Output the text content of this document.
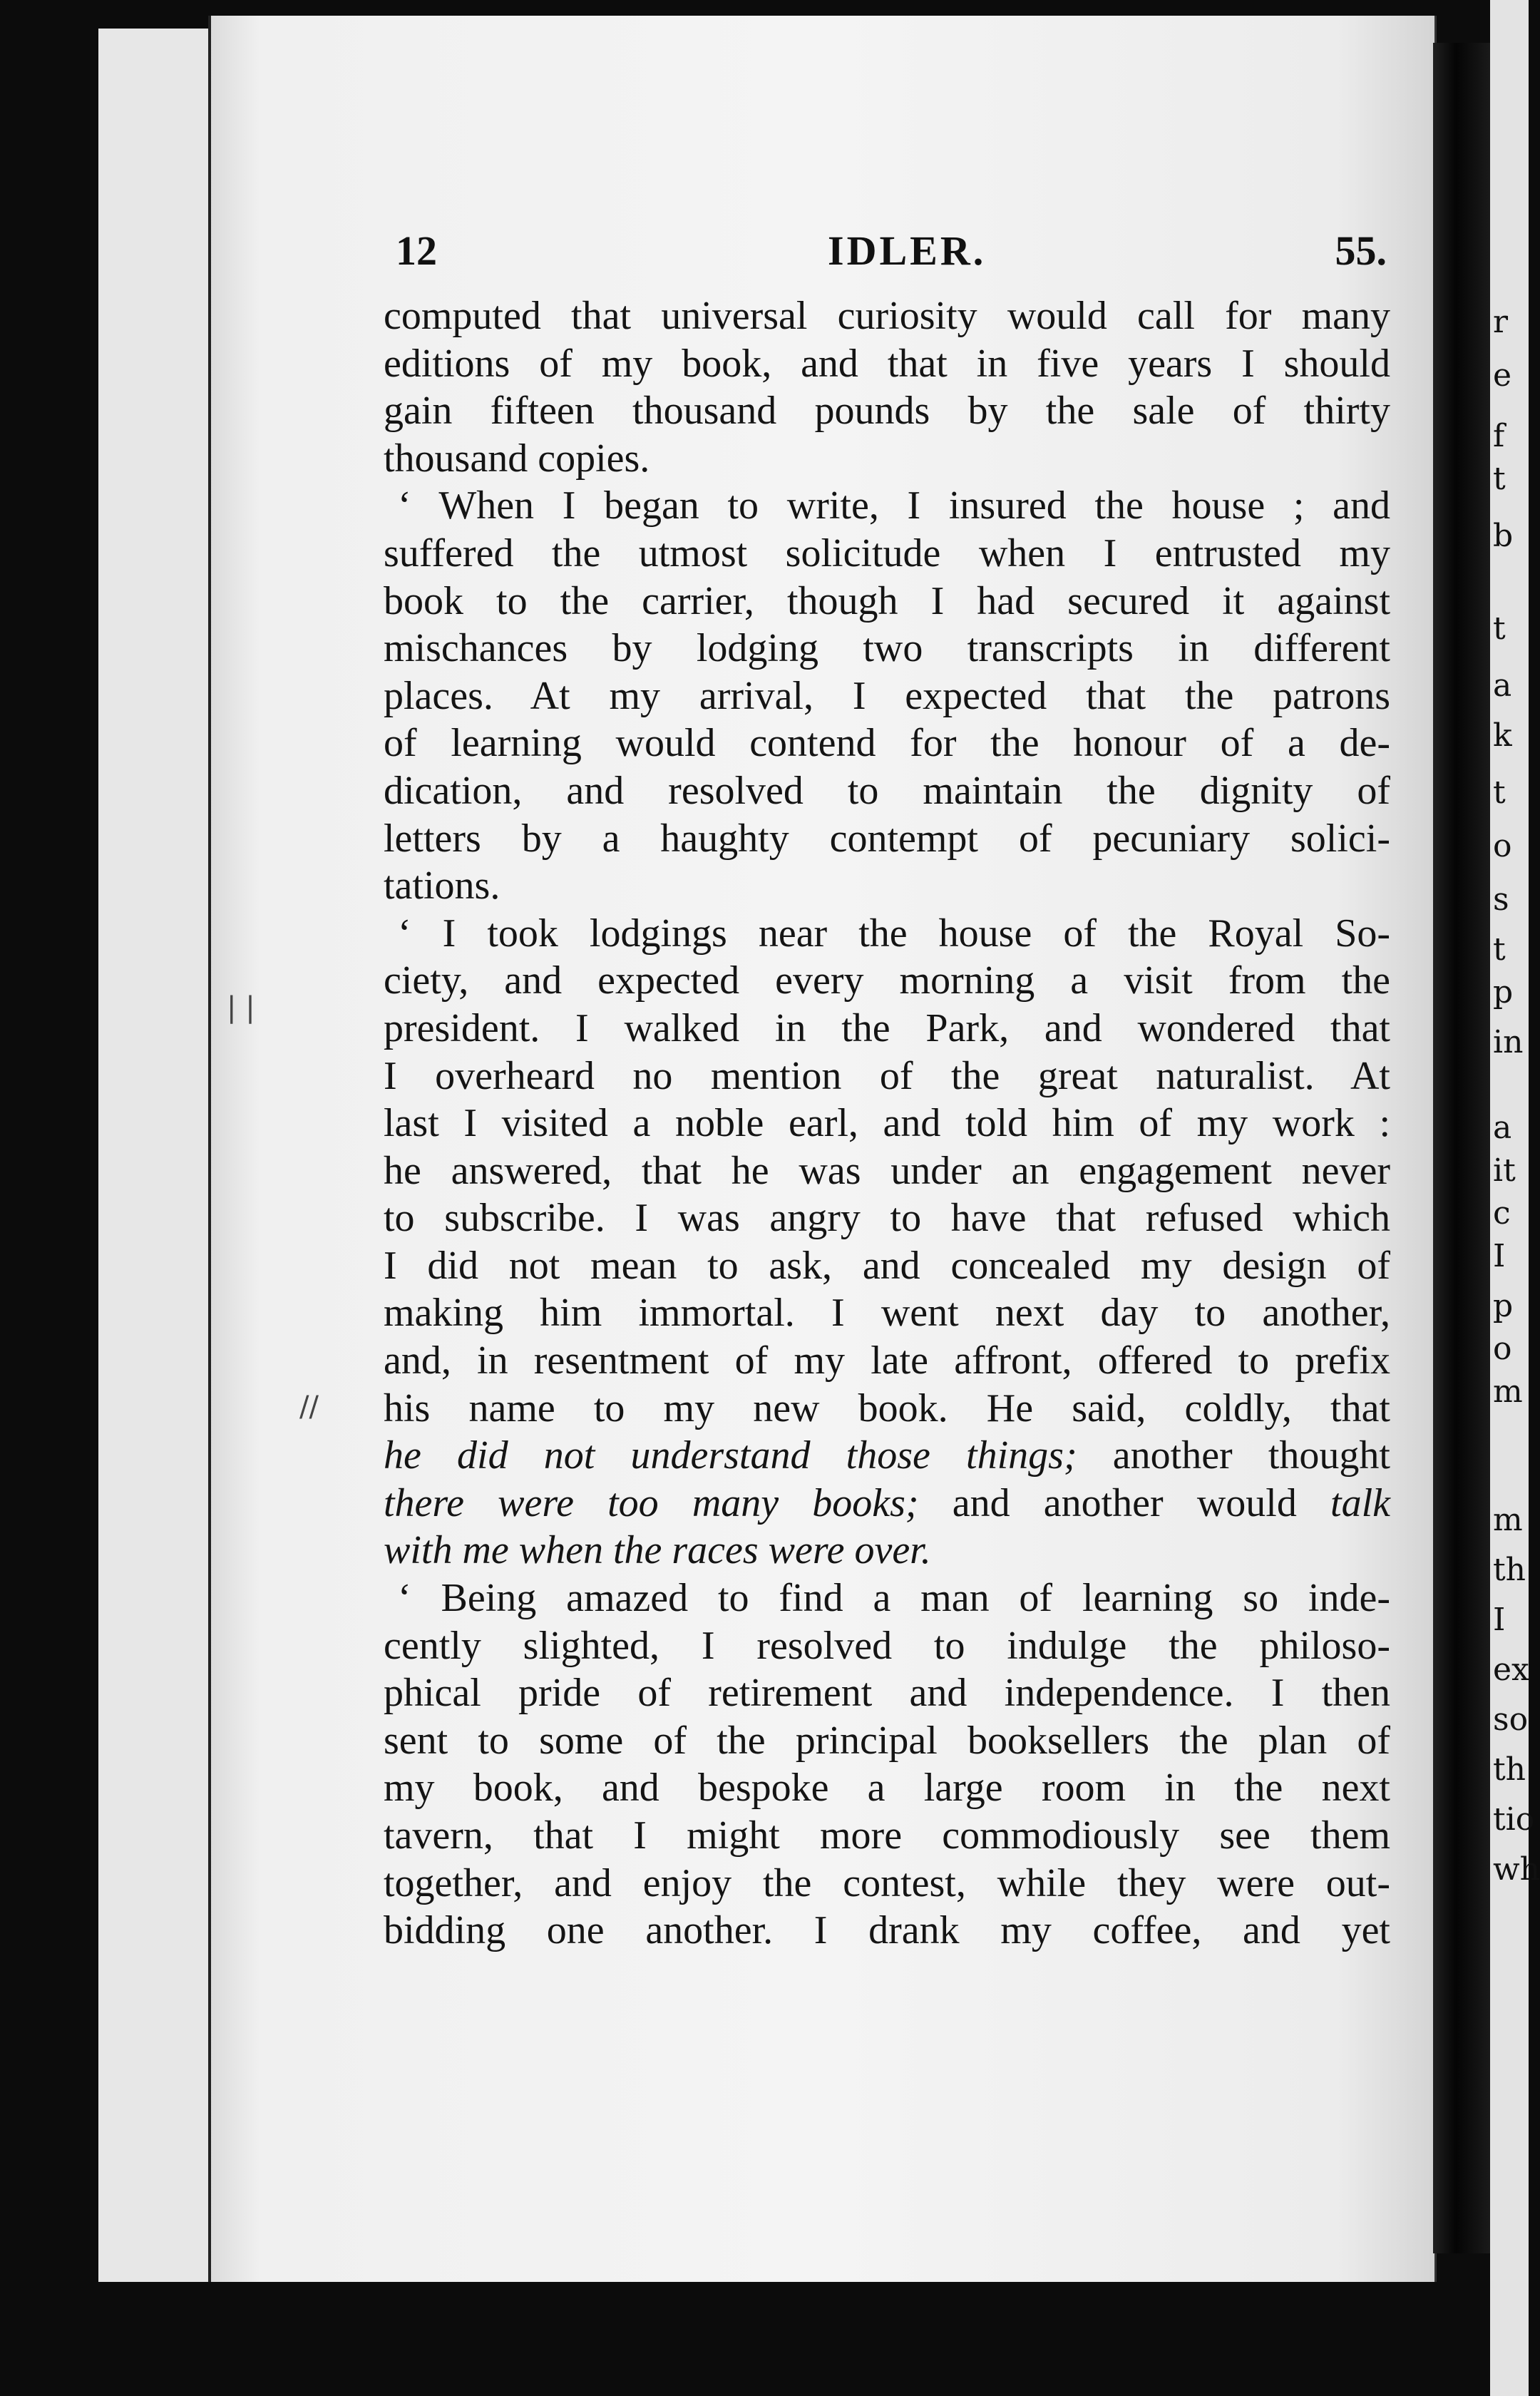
r
e
f
t
b
t
a
k
t
o
s
t
p
in
a
it
c
I
p
o
m
m
th
I
ex
so
th
tio
wh
12	IDLER.	55.
computed that universal curiosity would call for many
editions of my book, and that in five years I should
gain fifteen thousand pounds by the sale of thirty
thousand copies.
‘ When I began to write, I insured the house ; and
suffered the utmost solicitude when I entrusted my
book to the carrier, though I had secured it against
mischances by lodging two transcripts in different
places. At my arrival, I expected that the patrons
of learning would contend for the honour of a de-
dication, and resolved to maintain the dignity of
letters by a haughty contempt of pecuniary solici-
tations.
‘ I took lodgings near the house of the Royal So-
ciety, and expected every morning a visit from the
president. I walked in the Park, and wondered that
I overheard no mention of the great naturalist. At
last I visited a noble earl, and told him of my work :
he answered, that he was under an engagement never
to subscribe. I was angry to have that refused which
I did not mean to ask, and concealed my design of
making him immortal. I went next day to another,
and, in resentment of my late affront, offered to prefix
his name to my new book. He said, coldly, that
he did not understand those things; another thought
there were too many books; and another would talk
with me when the races were over.
‘ Being amazed to find a man of learning so inde-
cently slighted, I resolved to indulge the philoso-
phical pride of retirement and independence. I then
sent to some of the principal booksellers the plan of
my book, and bespoke a large room in the next
tavern, that I might more commodiously see them
together, and enjoy the contest, while they were out-
bidding one another. I drank my coffee, and yet
| |
//
